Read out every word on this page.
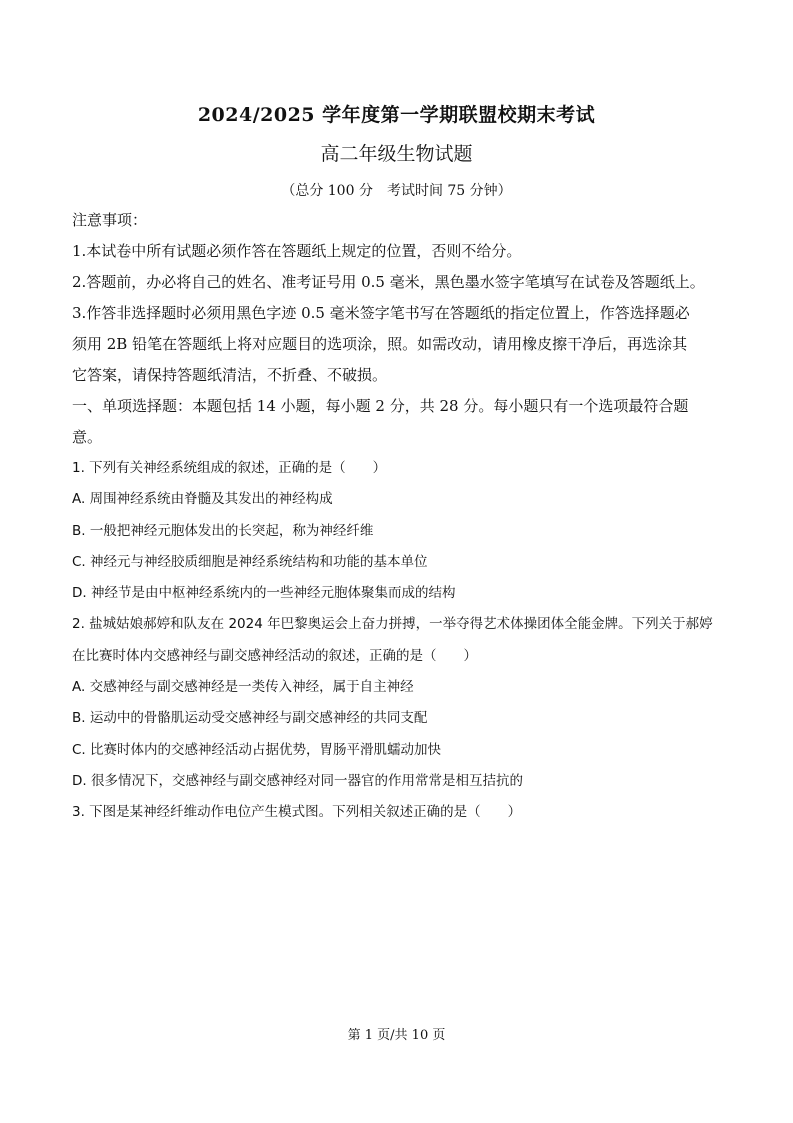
2024/2025 学年度第一学期联盟校期末考试
高二年级生物试题
（总分 100 分　考试时间 75 分钟）
注意事项：
1.本试卷中所有试题必须作答在答题纸上规定的位置，否则不给分。
2.答题前，办必将自己的姓名、准考证号用 0.5 毫米，黑色墨水签字笔填写在试卷及答题纸上。
3.作答非选择题时必须用黑色字迹 0.5 毫米签字笔书写在答题纸的指定位置上，作答选择题必
须用 2B 铅笔在答题纸上将对应题目的选项涂，照。如需改动，请用橡皮擦干净后，再选涂其
它答案，请保持答题纸清洁，不折叠、不破损。
一、单项选择题：本题包括 14 小题，每小题 2 分，共 28 分。每小题只有一个选项最符合题
意。
1. 下列有关神经系统组成的叙述，正确的是（　　）
A. 周围神经系统由脊髓及其发出的神经构成
B. 一般把神经元胞体发出的长突起，称为神经纤维
C. 神经元与神经胶质细胞是神经系统结构和功能的基本单位
D. 神经节是由中枢神经系统内的一些神经元胞体聚集而成的结构
2. 盐城姑娘郝婷和队友在 2024 年巴黎奥运会上奋力拼搏，一举夺得艺术体操团体全能金牌。下列关于郝婷
在比赛时体内交感神经与副交感神经活动的叙述，正确的是（　　）
A. 交感神经与副交感神经是一类传入神经，属于自主神经
B. 运动中的骨骼肌运动受交感神经与副交感神经的共同支配
C. 比赛时体内的交感神经活动占据优势，胃肠平滑肌蠕动加快
D. 很多情况下，交感神经与副交感神经对同一器官的作用常常是相互拮抗的
3. 下图是某神经纤维动作电位产生模式图。下列相关叙述正确的是（　　）
第 1 页/共 10 页
